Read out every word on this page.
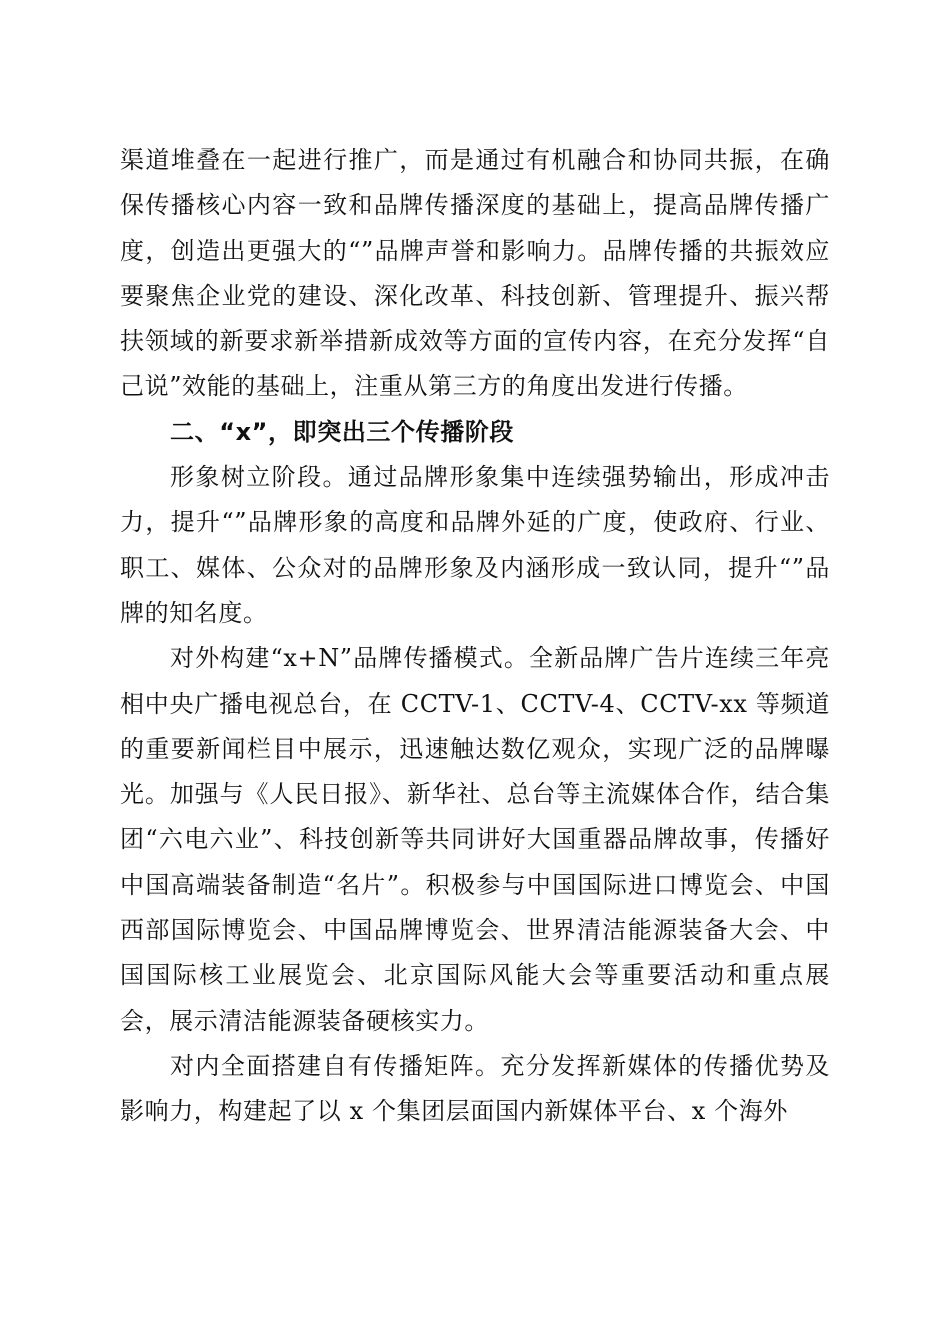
渠道堆叠在一起进行推广，而是通过有机融合和协同共振，在确保传播核心内容一致和品牌传播深度的基础上，提高品牌传播广度，创造出更强大的“”品牌声誉和影响力。品牌传播的共振效应要聚焦企业党的建设、深化改革、科技创新、管理提升、振兴帮扶领域的新要求新举措新成效等方面的宣传内容，在充分发挥“自己说”效能的基础上，注重从第三方的角度出发进行传播。

二、“x”，即突出三个传播阶段

形象树立阶段。通过品牌形象集中连续强势输出，形成冲击力，提升“”品牌形象的高度和品牌外延的广度，使政府、行业、职工、媒体、公众对的品牌形象及内涵形成一致认同，提升“”品牌的知名度。

对外构建“x+N”品牌传播模式。全新品牌广告片连续三年亮相中央广播电视总台，在 CCTV-1、CCTV-4、CCTV-xx 等频道的重要新闻栏目中展示，迅速触达数亿观众，实现广泛的品牌曝光。加强与《人民日报》、新华社、总台等主流媒体合作，结合集团“六电六业”、科技创新等共同讲好大国重器品牌故事，传播好中国高端装备制造“名片”。积极参与中国国际进口博览会、中国西部国际博览会、中国品牌博览会、世界清洁能源装备大会、中国国际核工业展览会、北京国际风能大会等重要活动和重点展会，展示清洁能源装备硬核实力。

对内全面搭建自有传播矩阵。充分发挥新媒体的传播优势及影响力，构建起了以 x 个集团层面国内新媒体平台、x 个海外
